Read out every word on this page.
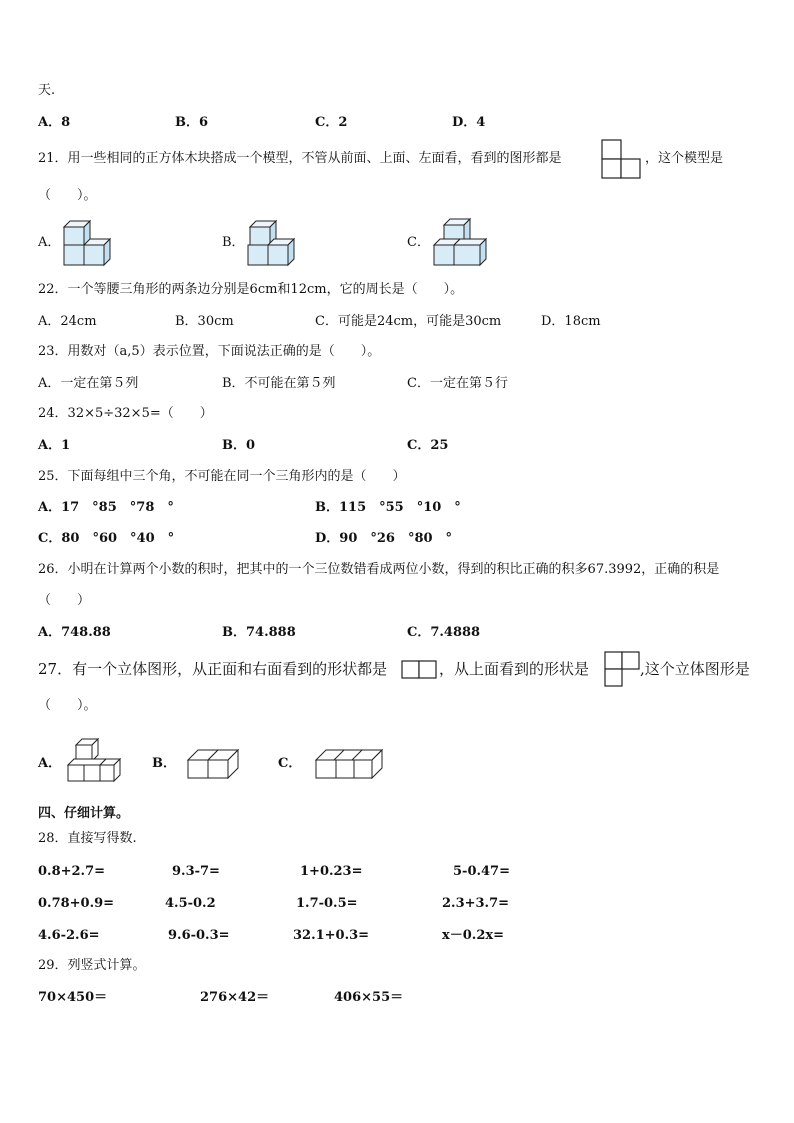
天.
A．8	B．6	C．2	D．4
21．用一些相同的正方体木块搭成一个模型，不管从前面、上面、左面看，看到的图形都是	，这个模型是
（　　）。
A．	B．	C．
22．一个等腰三角形的两条边分别是6cm和12cm，它的周长是（　　）。
A．24cm	B．30cm	C．可能是24cm，可能是30cm	D．18cm
23．用数对（a,5）表示位置，下面说法正确的是（　　）。
A．一定在第５列	B．不可能在第５列	C．一定在第５行
24．32×5÷32×5=（　　）
A．1	B．0	C．25
25．下面每组中三个角，不可能在同一个三角形内的是（　　）
A．17　°85　°78　°	B．115　°55　°10　°
C．80　°60　°40　°	D．90　°26　°80　°
26．小明在计算两个小数的积时，把其中的一个三位数错看成两位小数，得到的积比正确的积多67.3992，正确的积是
（　　）
A．748.88	B．74.888	C．7.4888
27．有一个立体图形，从正面和右面看到的形状都是	，从上面看到的形状是	,这个立体图形是
（　　）。
A．	B．	C．
四、仔细计算。
28．直接写得数.
0.8+2.7=	9.3-7=	1+0.23=	5-0.47=
0.78+0.9=	4.5-0.2	1.7-0.5=	2.3+3.7=
4.6-2.6=	9.6-0.3=	32.1+0.3=	x－0.2x=
29．列竖式计算。
70×450＝	276×42＝	406×55＝
